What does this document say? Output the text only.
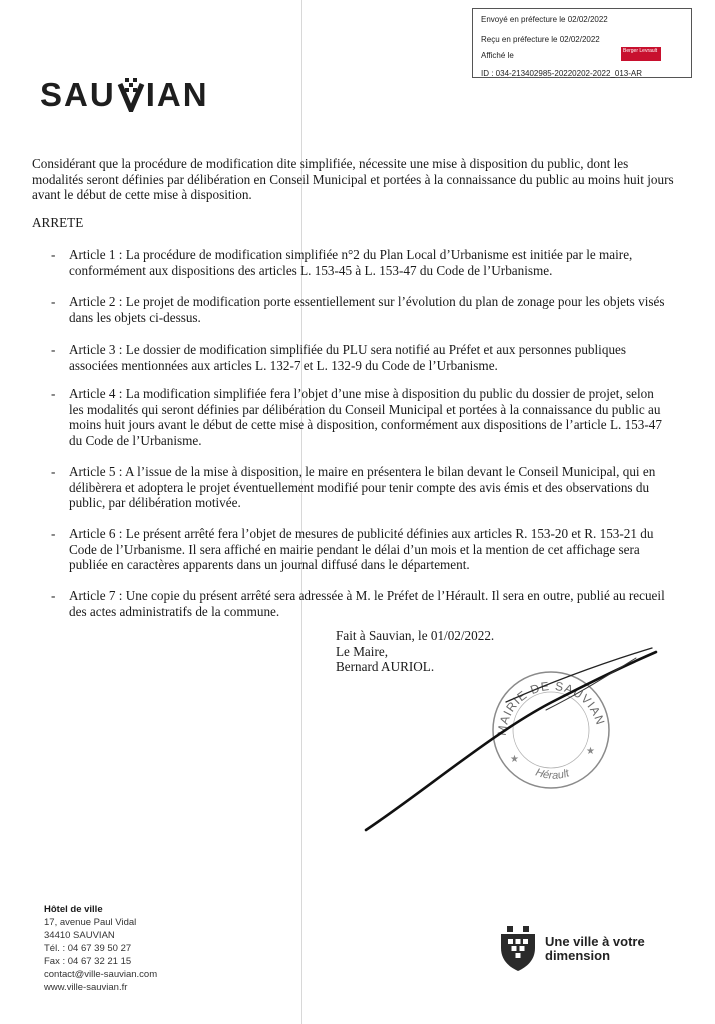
Envoyé en préfecture le 02/02/2022
Reçu en préfecture le 02/02/2022
Affiché le	Berger Levrault
ID : 034-213402985-20220202-2022_013-AR
SAU IAN
Considérant que la procédure de modification dite simplifiée, nécessite une mise à disposition du public, dont les modalités seront définies par délibération en Conseil Municipal et portées à la connaissance du public au moins huit jours avant le début de cette mise à disposition.
ARRETE
- Article 1 : La procédure de modification simplifiée n°2 du Plan Local d’Urbanisme est initiée par le maire, conformément aux dispositions des articles L. 153-45 à L. 153-47 du Code de l’Urbanisme.
- Article 2 : Le projet de modification porte essentiellement sur l’évolution du plan de zonage pour les objets visés dans les objets ci-dessus.
- Article 3 : Le dossier de modification simplifiée du PLU sera notifié au Préfet et aux personnes publiques associées mentionnées aux articles L. 132-7 et L. 132-9 du Code de l’Urbanisme.
- Article 4 : La modification simplifiée fera l’objet d’une mise à disposition du public du dossier de projet, selon les modalités qui seront définies par délibération du Conseil Municipal et portées à la connaissance du public au moins huit jours avant le début de cette mise à disposition, conformément aux dispositions de l’article L. 153-47 du Code de l’Urbanisme.
- Article 5 : A l’issue de la mise à disposition, le maire en présentera le bilan devant le Conseil Municipal, qui en délibèrera et adoptera le projet éventuellement modifié pour tenir compte des avis émis et des observations du public, par délibération motivée.
- Article 6 : Le présent arrêté fera l’objet de mesures de publicité définies aux articles R. 153-20 et R. 153-21 du Code de l’Urbanisme. Il sera affiché en mairie pendant le délai d’un mois et la mention de cet affichage sera publiée en caractères apparents dans un journal diffusé dans le département.
- Article 7 : Une copie du présent arrêté sera adressée à M. le Préfet de l’Hérault. Il sera en outre, publié au recueil des actes administratifs de la commune.
Fait à Sauvian, le 01/02/2022.
Le Maire,
Bernard AURIOL.
MAIRIE DE SAUVIAN
Hérault
★
★
Hôtel de ville
17, avenue Paul Vidal
34410 SAUVIAN
Tél. : 04 67 39 50 27
Fax : 04 67 32 21 15
contact@ville-sauvian.com
www.ville-sauvian.fr
Une ville à votre
dimension
